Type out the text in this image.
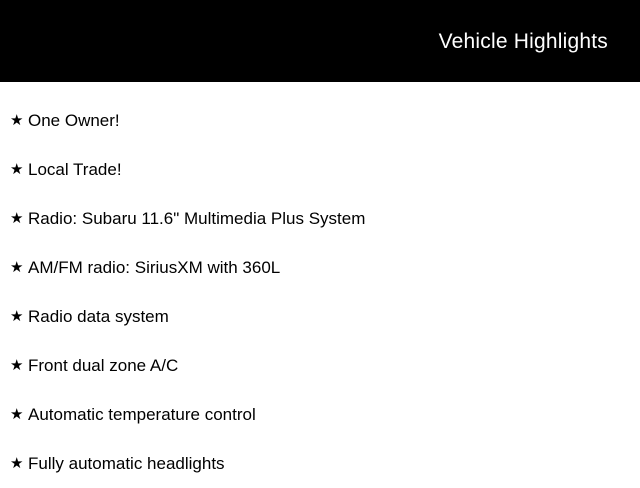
Vehicle Highlights
★ One Owner!
★ Local Trade!
★ Radio: Subaru 11.6" Multimedia Plus System
★ AM/FM radio: SiriusXM with 360L
★ Radio data system
★ Front dual zone A/C
★ Automatic temperature control
★ Fully automatic headlights
